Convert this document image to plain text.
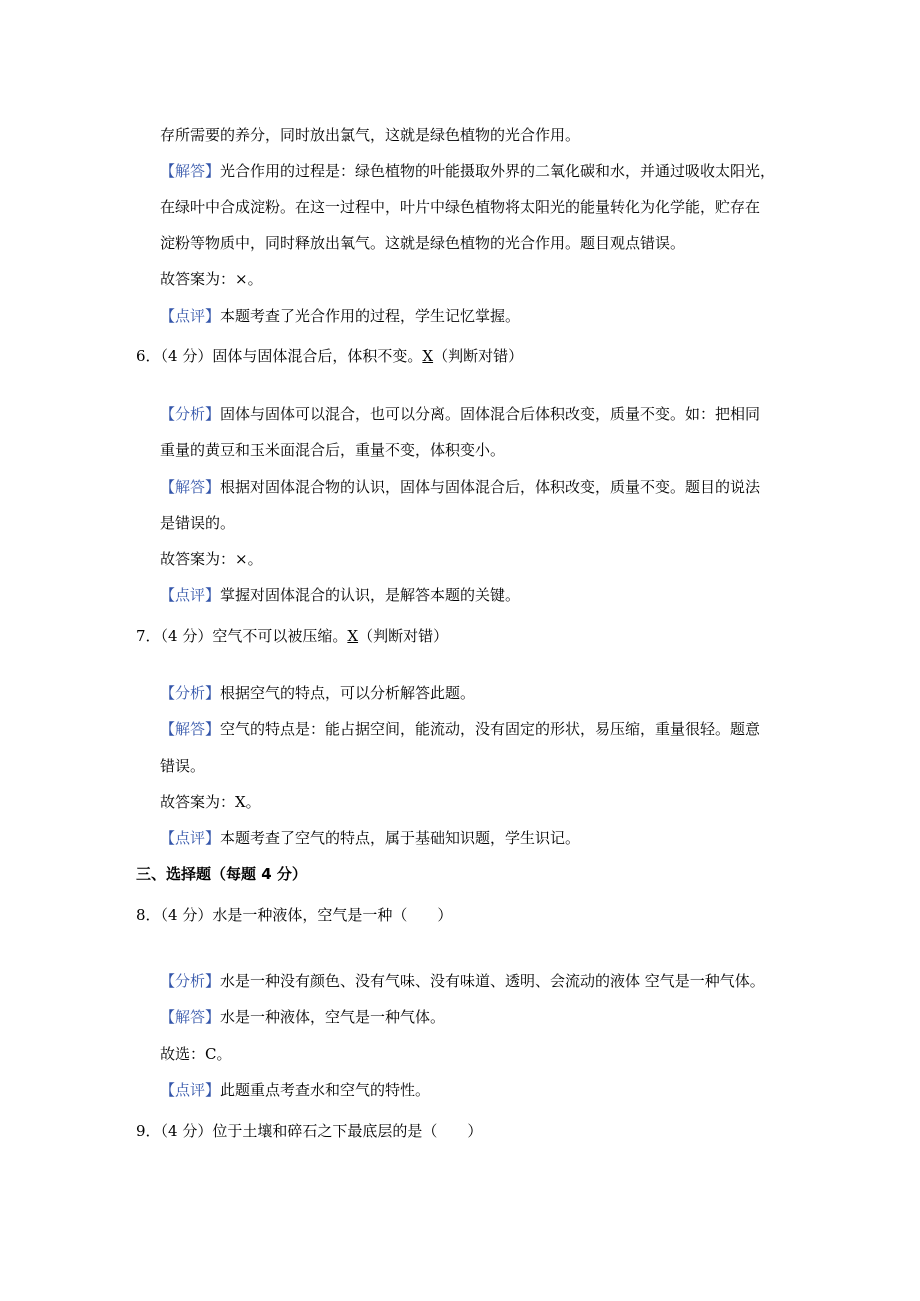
存所需要的养分，同时放出氯气，这就是绿色植物的光合作用。
【解答】光合作用的过程是：绿色植物的叶能摄取外界的二氧化碳和水，并通过吸收太阳光，
在绿叶中合成淀粉。在这一过程中，叶片中绿色植物将太阳光的能量转化为化学能，贮存在
淀粉等物质中，同时释放出氧气。这就是绿色植物的光合作用。题目观点错误。
故答案为：×。
【点评】本题考查了光合作用的过程，学生记忆掌握。
6．（4 分）固体与固体混合后，体积不变。X（判断对错）
【分析】固体与固体可以混合，也可以分离。固体混合后体积改变，质量不变。如：把相同
重量的黄豆和玉米面混合后，重量不变，体积变小。
【解答】根据对固体混合物的认识，固体与固体混合后，体积改变，质量不变。题目的说法
是错误的。
故答案为：×。
【点评】掌握对固体混合的认识，是解答本题的关键。
7．（4 分）空气不可以被压缩。X（判断对错）
【分析】根据空气的特点，可以分析解答此题。
【解答】空气的特点是：能占据空间，能流动，没有固定的形状，易压缩，重量很轻。题意
错误。
故答案为：X。
【点评】本题考查了空气的特点，属于基础知识题，学生识记。
三、选择题（每题 4 分）
8．（4 分）水是一种液体，空气是一种（　　）
【分析】水是一种没有颜色、没有气味、没有味道、透明、会流动的液体 空气是一种气体。
【解答】水是一种液体，空气是一种气体。
故选：C。
【点评】此题重点考查水和空气的特性。
9．（4 分）位于土壤和碎石之下最底层的是（　　）
